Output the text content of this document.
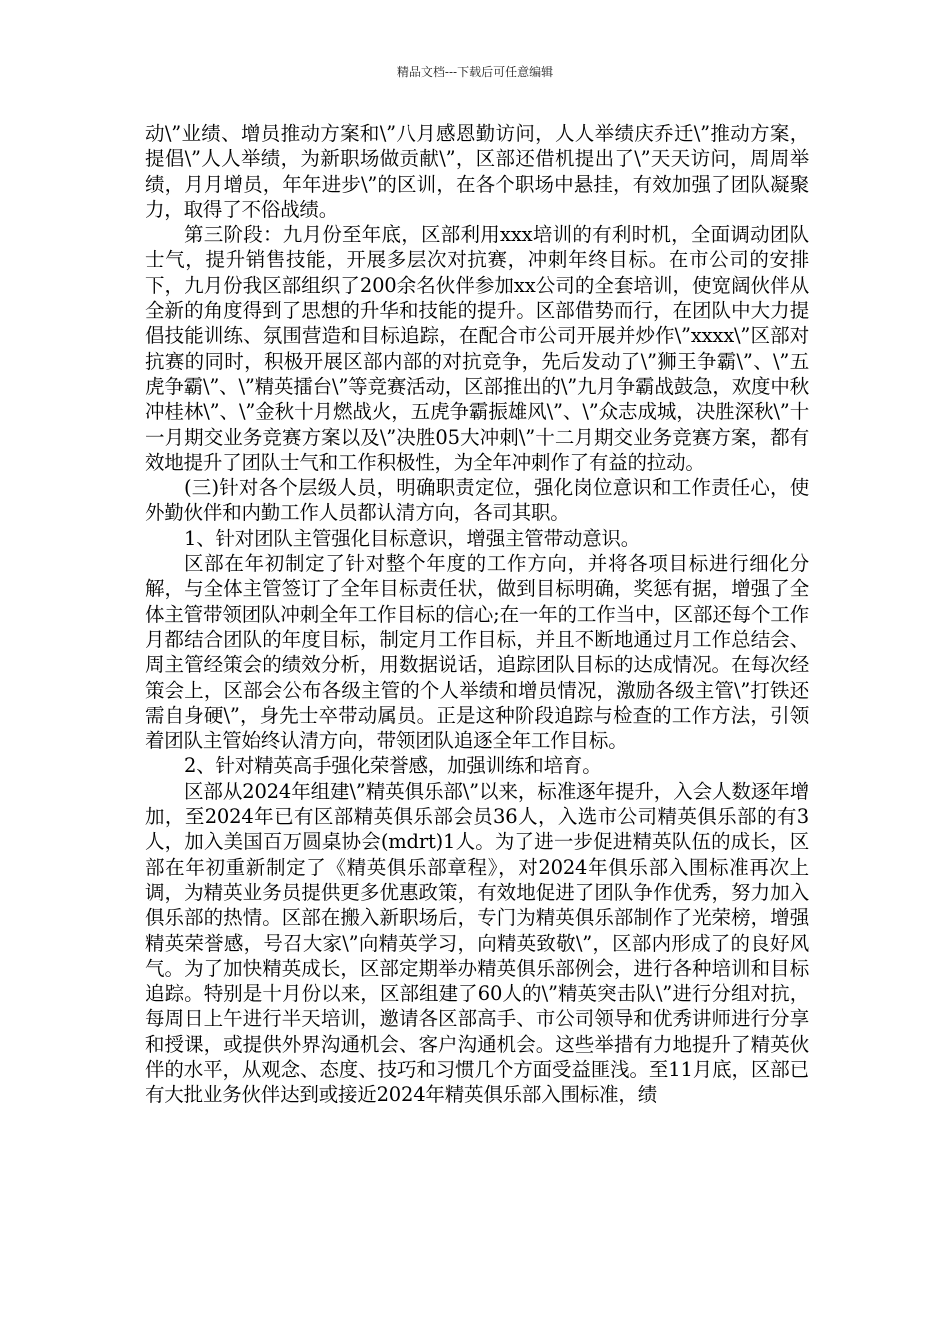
精品文档---下载后可任意编辑

动\”业绩、增员推动方案和\”八月感恩勤访问，人人举绩庆乔迁\”推动方案，提倡\”人人举绩，为新职场做贡献\”，区部还借机提出了\”天天访问，周周举绩，月月增员，年年进步\”的区训，在各个职场中悬挂，有效加强了团队凝聚力，取得了不俗战绩。

第三阶段：九月份至年底，区部利用xxx培训的有利时机，全面调动团队士气，提升销售技能，开展多层次对抗赛，冲刺年终目标。在市公司的安排下，九月份我区部组织了200余名伙伴参加xx公司的全套培训，使宽阔伙伴从全新的角度得到了思想的升华和技能的提升。区部借势而行，在团队中大力提倡技能训练、氛围营造和目标追踪，在配合市公司开展并炒作\”xxxx\”区部对抗赛的同时，积极开展区部内部的对抗竞争，先后发动了\”狮王争霸\”、\”五虎争霸\”、\”精英擂台\”等竞赛活动，区部推出的\”九月争霸战鼓急，欢度中秋冲桂林\”、\”金秋十月燃战火，五虎争霸振雄风\”、\”众志成城，决胜深秋\”十一月期交业务竞赛方案以及\”决胜05大冲刺\”十二月期交业务竞赛方案，都有效地提升了团队士气和工作积极性，为全年冲刺作了有益的拉动。

(三)针对各个层级人员，明确职责定位，强化岗位意识和工作责任心，使外勤伙伴和内勤工作人员都认清方向，各司其职。

1、针对团队主管强化目标意识，增强主管带动意识。

区部在年初制定了针对整个年度的工作方向，并将各项目标进行细化分解，与全体主管签订了全年目标责任状，做到目标明确，奖惩有据，增强了全体主管带领团队冲刺全年工作目标的信心;在一年的工作当中，区部还每个工作月都结合团队的年度目标，制定月工作目标，并且不断地通过月工作总结会、周主管经策会的绩效分析，用数据说话，追踪团队目标的达成情况。在每次经策会上，区部会公布各级主管的个人举绩和增员情况，激励各级主管\”打铁还需自身硬\”，身先士卒带动属员。正是这种阶段追踪与检查的工作方法，引领着团队主管始终认清方向，带领团队追逐全年工作目标。

2、针对精英高手强化荣誉感，加强训练和培育。

区部从2024年组建\”精英俱乐部\”以来，标准逐年提升，入会人数逐年增加，至2024年已有区部精英俱乐部会员36人，入选市公司精英俱乐部的有3人，加入美国百万圆桌协会(mdrt)1人。为了进一步促进精英队伍的成长，区部在年初重新制定了《精英俱乐部章程》，对2024年俱乐部入围标准再次上调，为精英业务员提供更多优惠政策，有效地促进了团队争作优秀，努力加入俱乐部的热情。区部在搬入新职场后，专门为精英俱乐部制作了光荣榜，增强精英荣誉感，号召大家\”向精英学习，向精英致敬\”，区部内形成了的良好风气。为了加快精英成长，区部定期举办精英俱乐部例会，进行各种培训和目标追踪。特别是十月份以来，区部组建了60人的\”精英突击队\”进行分组对抗，每周日上午进行半天培训，邀请各区部高手、市公司领导和优秀讲师进行分享和授课，或提供外界沟通机会、客户沟通机会。这些举措有力地提升了精英伙伴的水平，从观念、态度、技巧和习惯几个方面受益匪浅。至11月底，区部已有大批业务伙伴达到或接近2024年精英俱乐部入围标准，绩
